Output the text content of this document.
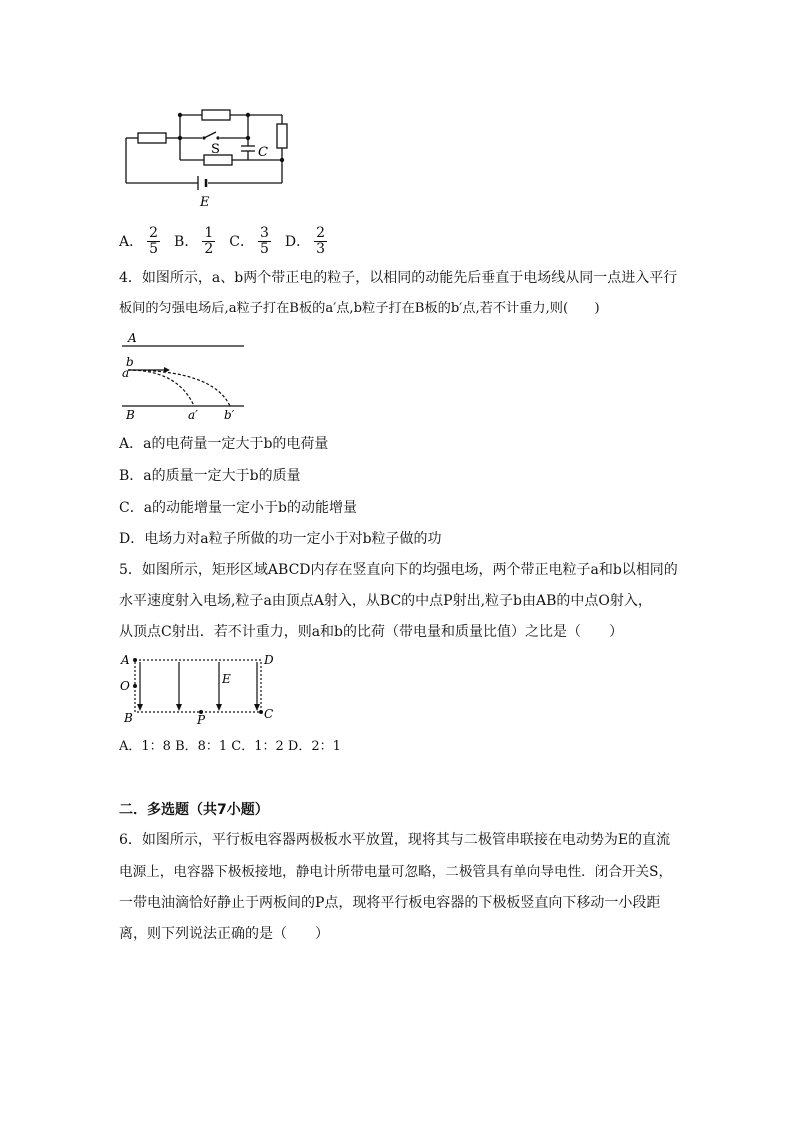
S	C
E
A． $\frac{2}{5}$ B． $\frac{1}{2}$ C． $\frac{3}{5}$ D． $\frac{2}{3}$
4．如图所示，a、b两个带正电的粒子，以相同的动能先后垂直于电场线从同一点进入平行
板间的匀强电场后,a粒子打在B板的a′点,b粒子打在B板的b′点,若不计重力,则(　　)
A
b
a
B	a′ b′
A．a的电荷量一定大于b的电荷量
B．a的质量一定大于b的质量
C．a的动能增量一定小于b的动能增量
D．电场力对a粒子所做的功一定小于对b粒子做的功
5．如图所示，矩形区域ABCD内存在竖直向下的均强电场，两个带正电粒子a和b以相同的
水平速度射入电场,粒子a由顶点A射入，从BC的中点P射出,粒子b由AB的中点O射入，
从顶点C射出．若不计重力，则a和b的比荷（带电量和质量比值）之比是（　　）
A	D
O	E
B	P	C
A．1：8 B．8：1 C．1：2 D．2：1
二．多选题（共7小题）
6．如图所示，平行板电容器两极板水平放置，现将其与二极管串联接在电动势为E的直流
电源上，电容器下极板接地，静电计所带电量可忽略，二极管具有单向导电性．闭合开关S，
一带电油滴恰好静止于两板间的P点，现将平行板电容器的下极板竖直向下移动一小段距
离，则下列说法正确的是（　　）
